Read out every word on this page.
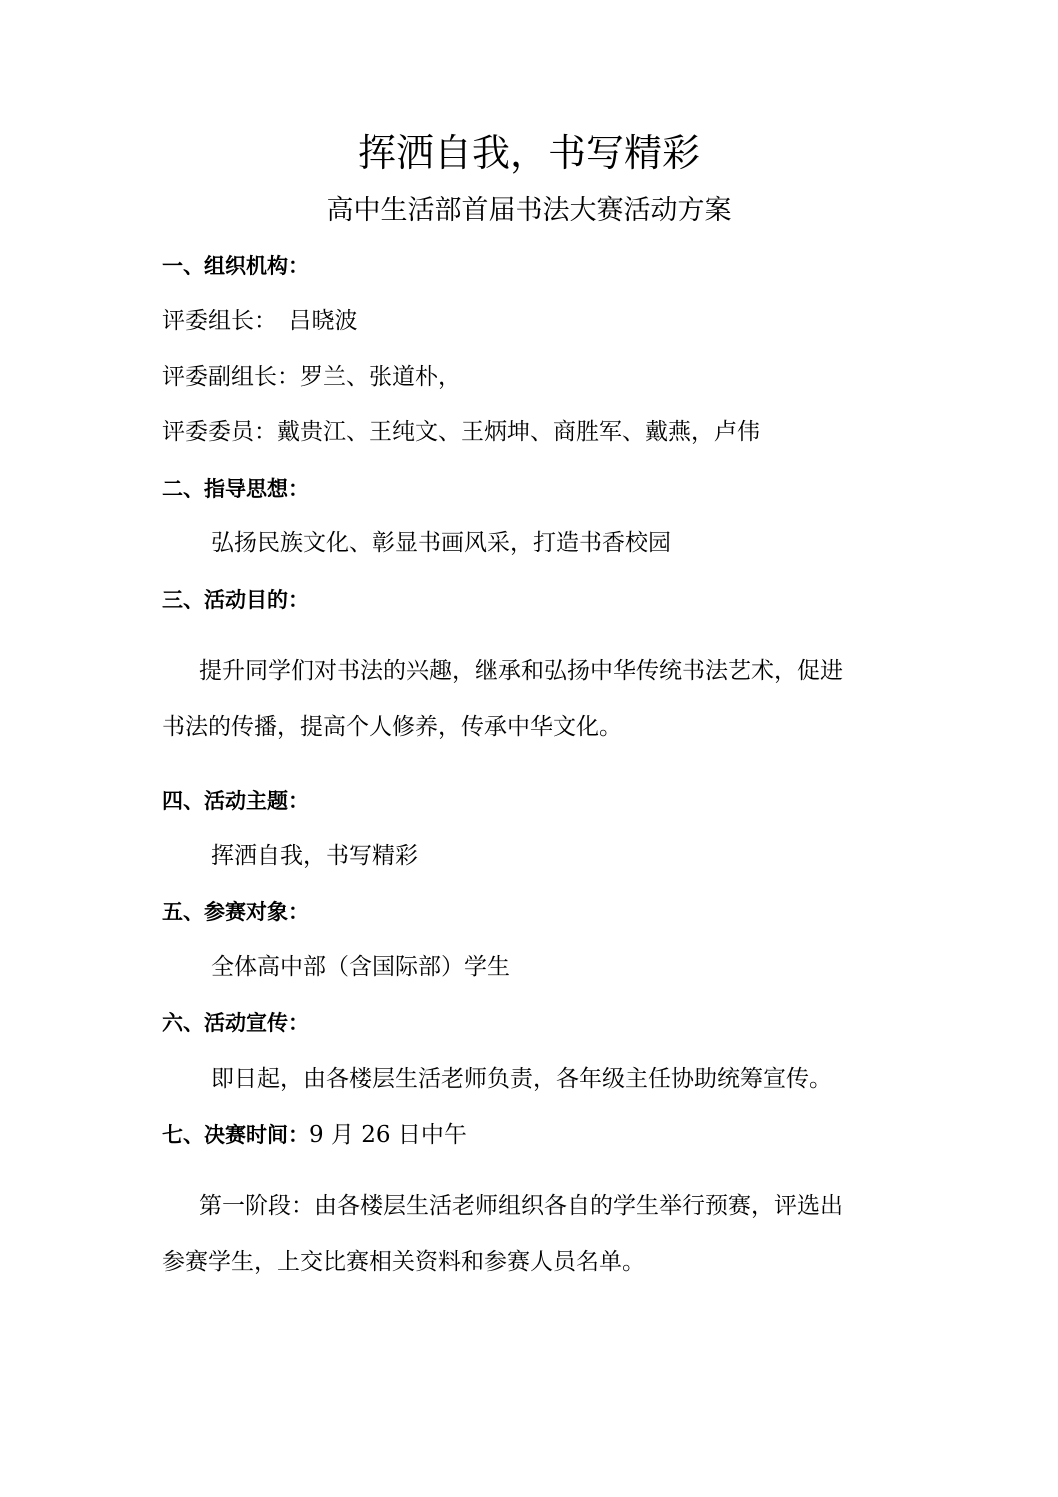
挥洒自我，书写精彩
高中生活部首届书法大赛活动方案
一、组织机构：
评委组长：　吕晓波
评委副组长：罗兰、张道朴，
评委委员：戴贵江、王纯文、王炳坤、商胜军、戴燕，卢伟
二、指导思想：
弘扬民族文化、彰显书画风采，打造书香校园
三、活动目的：
提升同学们对书法的兴趣，继承和弘扬中华传统书法艺术，促进
书法的传播，提高个人修养，传承中华文化。
四、活动主题：
挥洒自我，书写精彩
五、参赛对象：
全体高中部（含国际部）学生
六、活动宣传：
即日起，由各楼层生活老师负责，各年级主任协助统筹宣传。
七、决赛时间：9 月 26 日中午
第一阶段：由各楼层生活老师组织各自的学生举行预赛，评选出
参赛学生，上交比赛相关资料和参赛人员名单。
